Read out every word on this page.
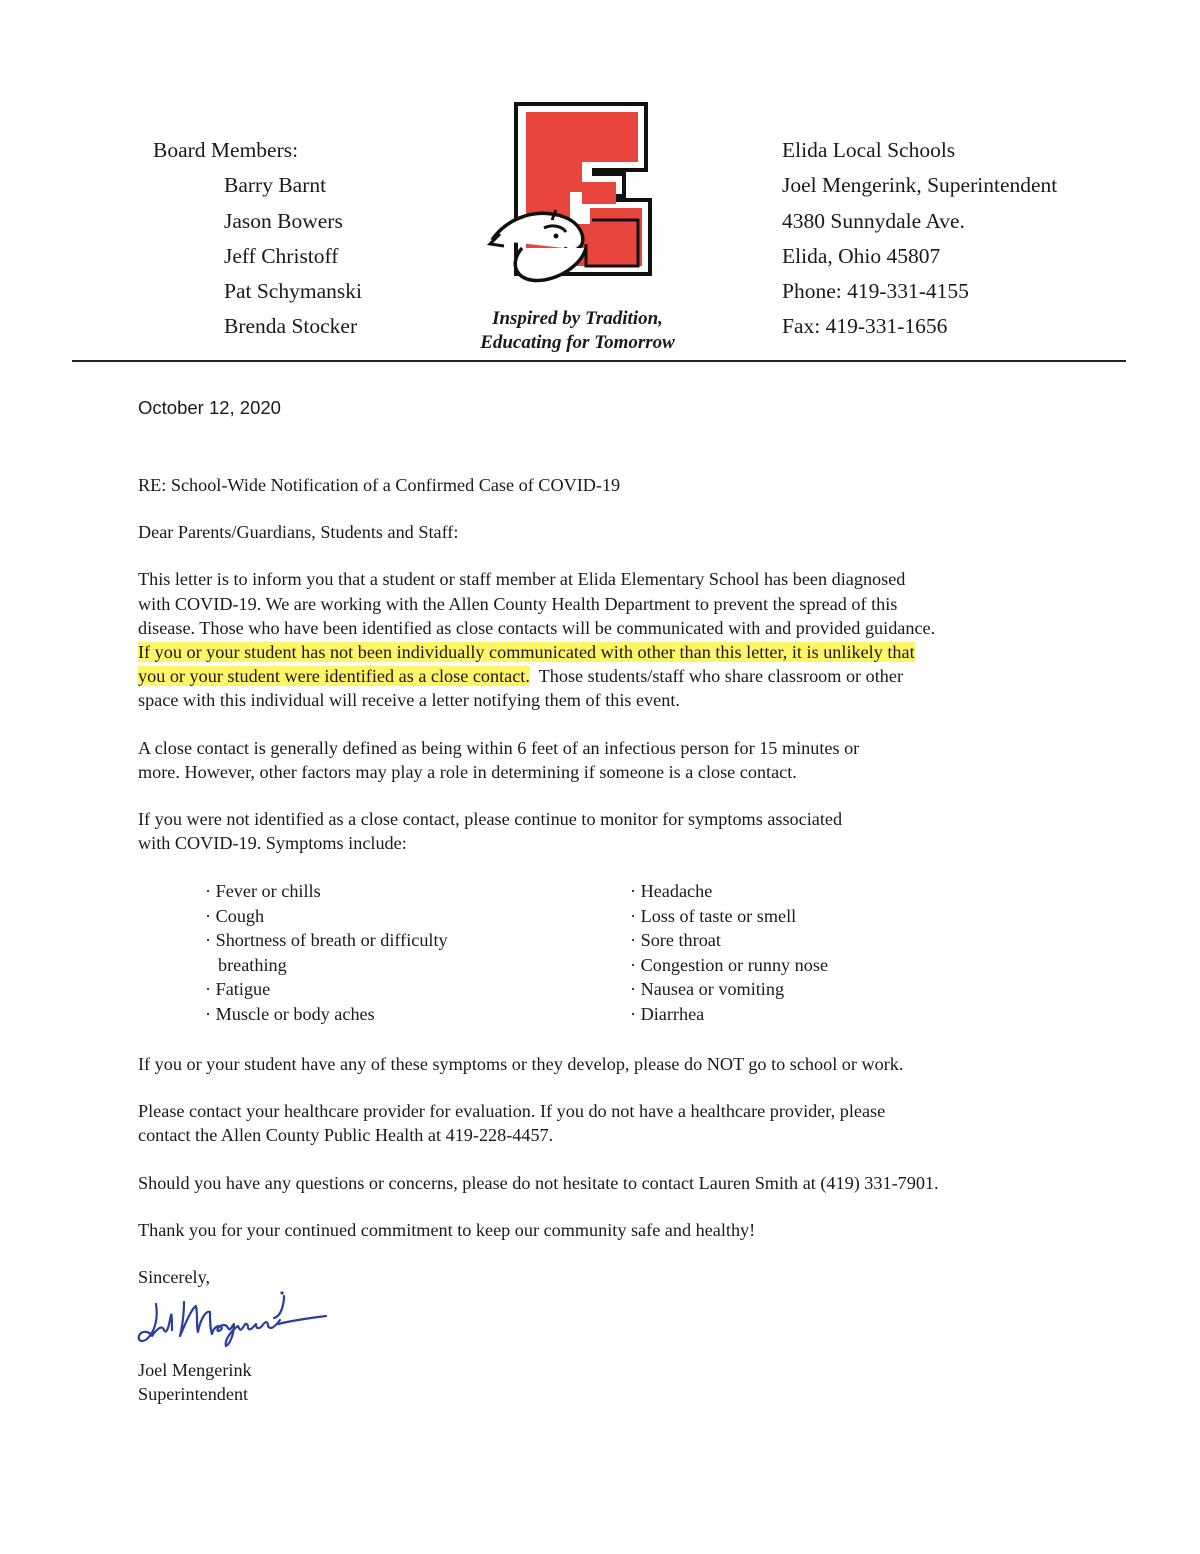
Board Members:
Barry Barnt
Jason Bowers
Jeff Christoff
Pat Schymanski
Brenda Stocker	Inspired by Tradition,
Educating for Tomorrow
Elida Local Schools
Joel Mengerink, Superintendent
4380 Sunnydale Ave.
Elida, Ohio 45807
Phone: 419-331-4155
Fax: 419-331-1656
October 12, 2020

RE: School-Wide Notification of a Confirmed Case of COVID-19

Dear Parents/Guardians, Students and Staff:

This letter is to inform you that a student or staff member at Elida Elementary School has been diagnosed
with COVID-19. We are working with the Allen County Health Department to prevent the spread of this
disease. Those who have been identified as close contacts will be communicated with and provided guidance.
If you or your student has not been individually communicated with other than this letter, it is unlikely that
you or your student were identified as a close contact.  Those students/staff who share classroom or other
space with this individual will receive a letter notifying them of this event.
A close contact is generally defined as being within 6 feet of an infectious person for 15 minutes or
more. However, other factors may play a role in determining if someone is a close contact.
If you were not identified as a close contact, please continue to monitor for symptoms associated
with COVID-19. Symptoms include:
· Fever or chills
· Cough
· Shortness of breath or difficulty
breathing
· Fatigue
· Muscle or body aches
· Headache
· Loss of taste or smell
· Sore throat
· Congestion or runny nose
· Nausea or vomiting
· Diarrhea

If you or your student have any of these symptoms or they develop, please do NOT go to school or work.

Please contact your healthcare provider for evaluation. If you do not have a healthcare provider, please
contact the Allen County Public Health at 419-228-4457.

Should you have any questions or concerns, please do not hesitate to contact Lauren Smith at (419) 331-7901.

Thank you for your continued commitment to keep our community safe and healthy!

Sincerely,

Joel Mengerink
Superintendent
